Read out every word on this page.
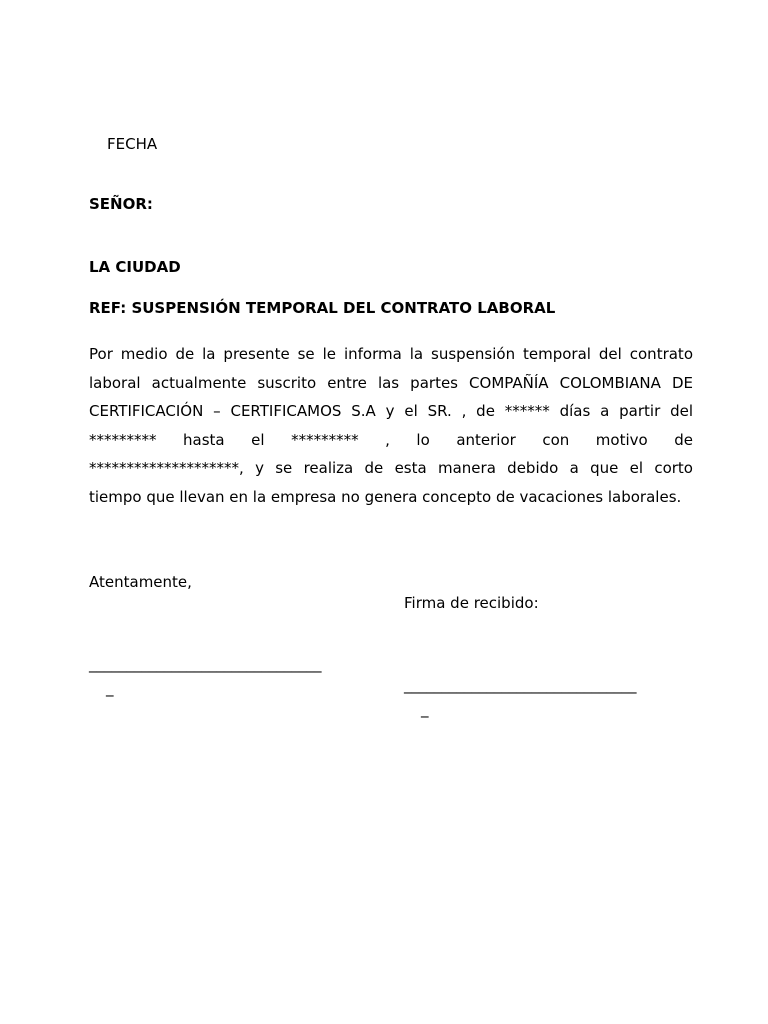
FECHA
SEÑOR:
LA CIUDAD
REF: SUSPENSIÓN TEMPORAL DEL CONTRATO LABORAL
Por medio de la presente se le informa la suspensión temporal del contrato
laboral actualmente suscrito entre las partes COMPAÑÍA COLOMBIANA DE
CERTIFICACIÓN – CERTIFICAMOS S.A y el SR. , de ****** días a partir del
********* hasta el ********* , lo anterior con motivo de
********************, y se realiza de esta manera debido a que el corto
tiempo que llevan en la empresa no genera concepto de vacaciones laborales.
Atentamente,
Firma de recibido:
_______________________________
_	_______________________________
_
